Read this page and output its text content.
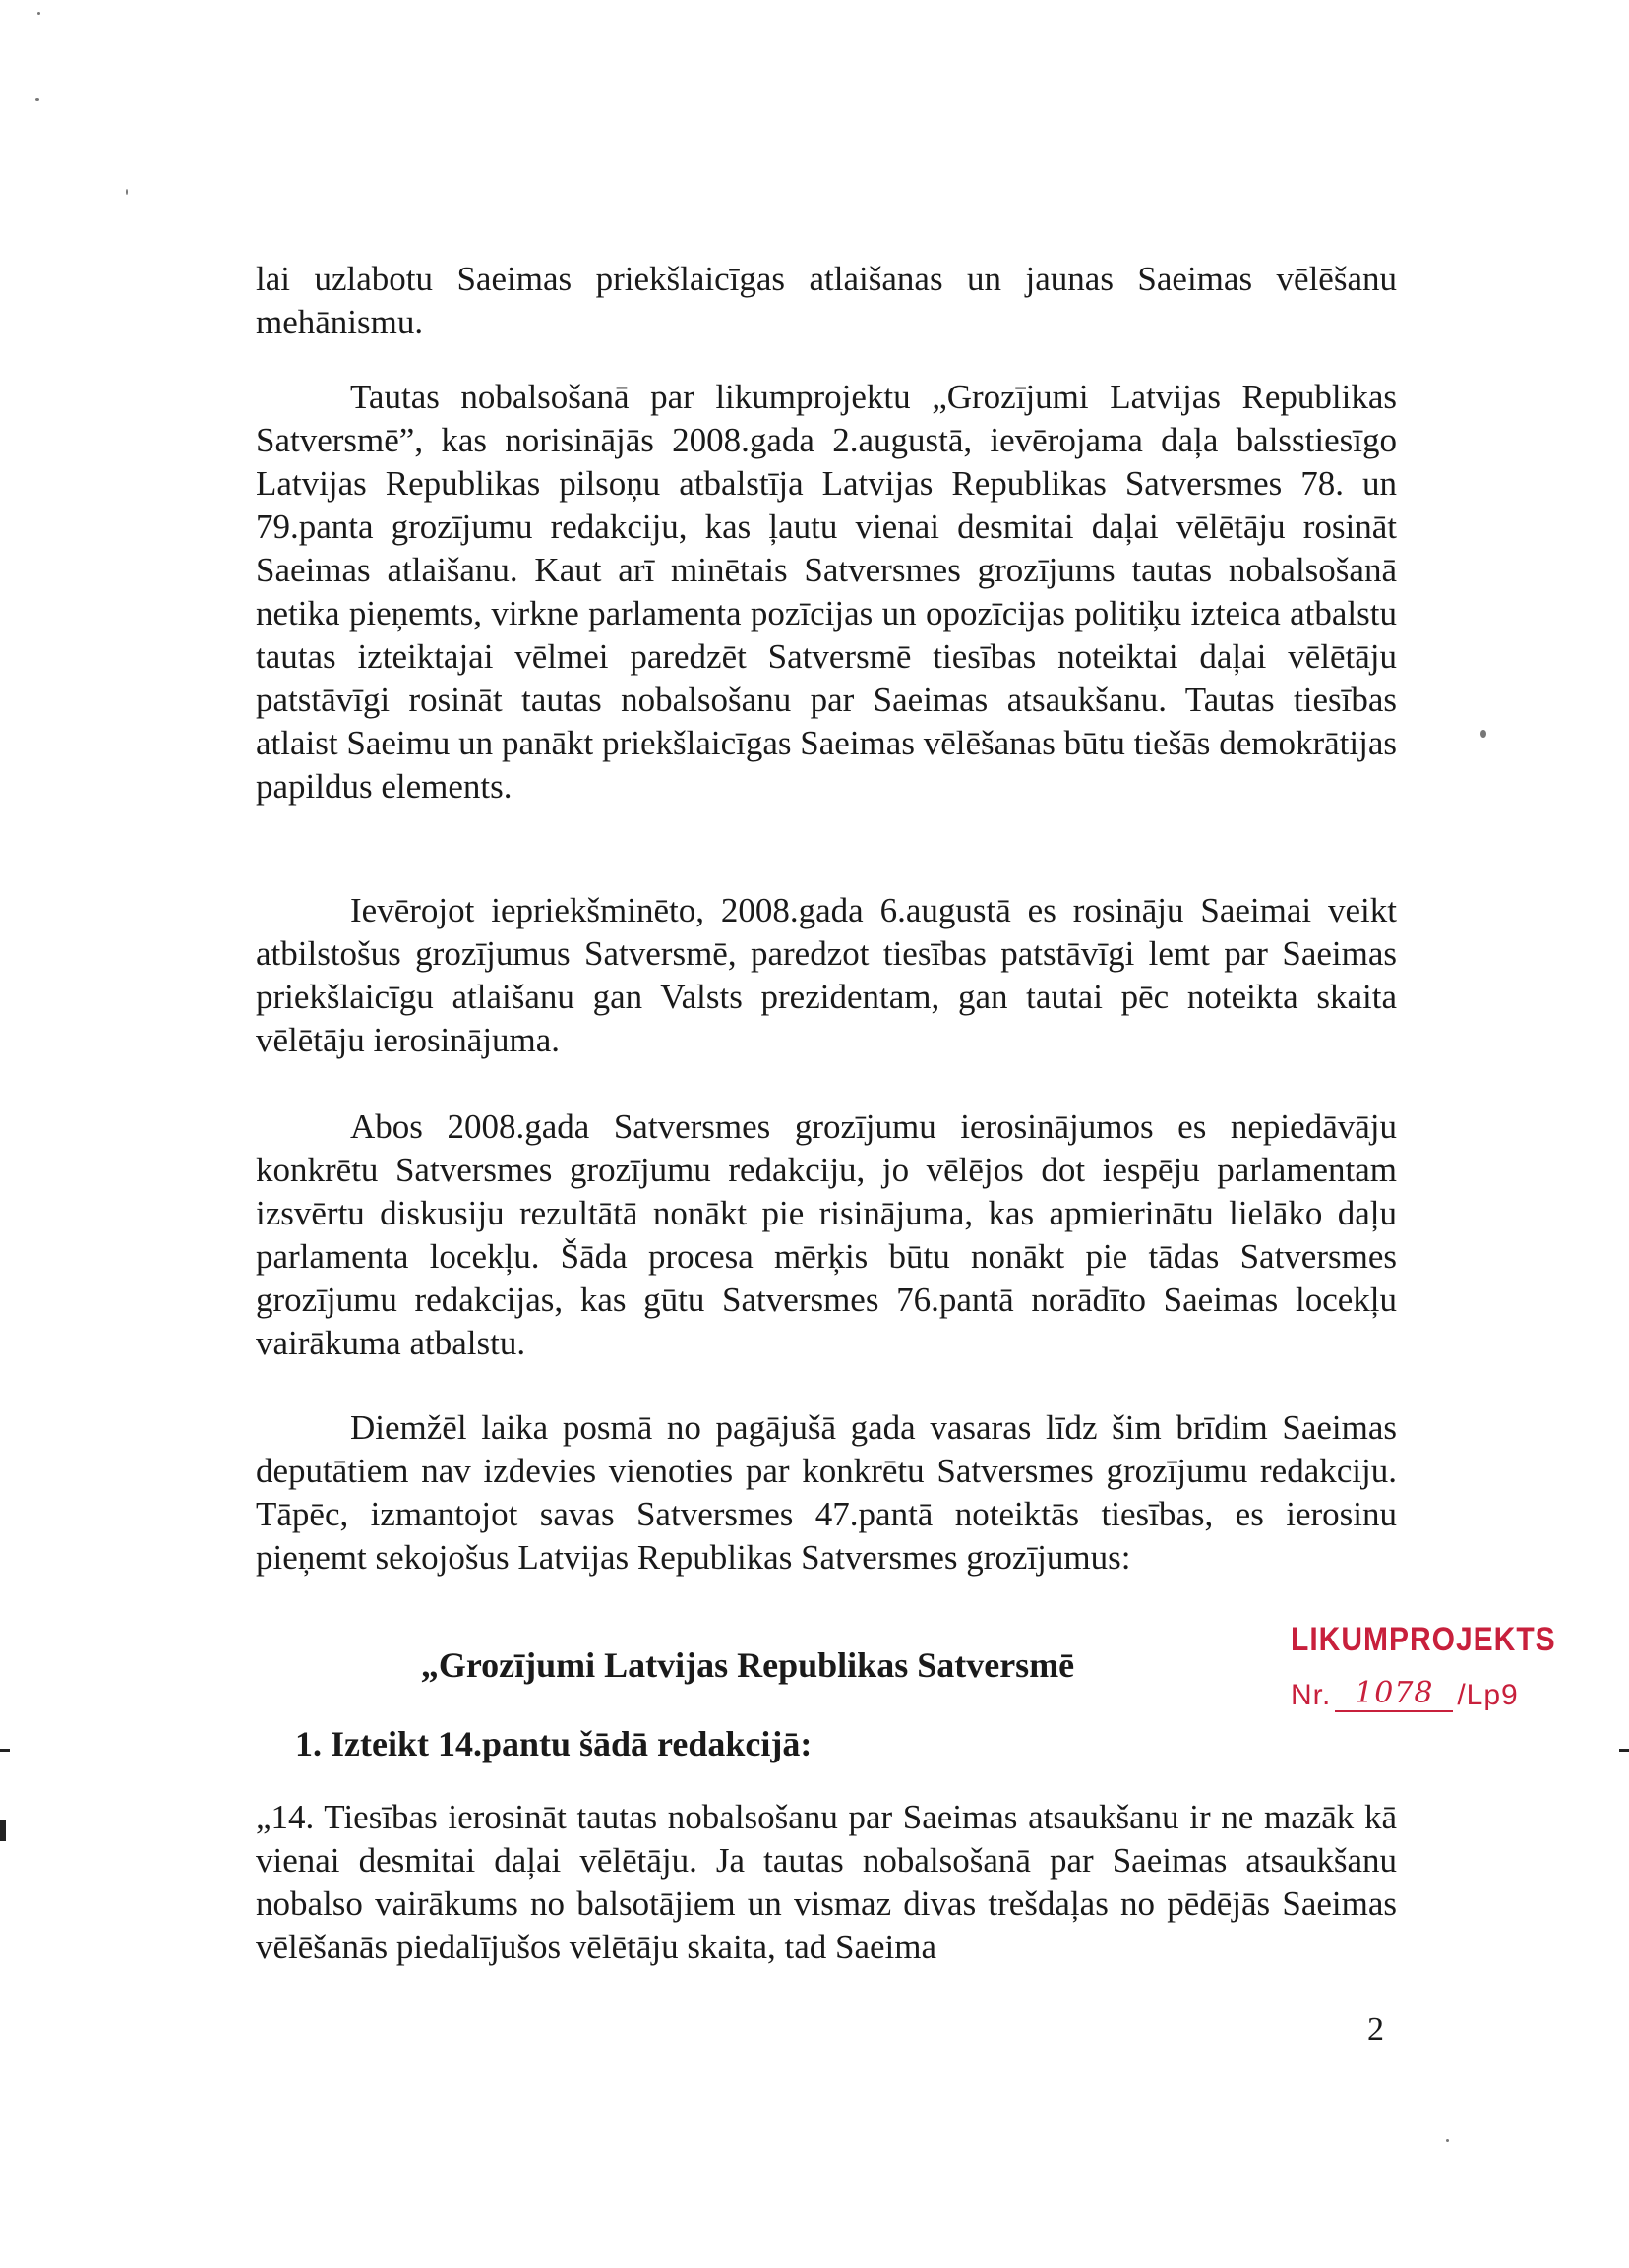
lai uzlabotu Saeimas priekšlaicīgas atlaišanas un jaunas Saeimas vēlēšanu mehānismu.
Tautas nobalsošanā par likumprojektu „Grozījumi Latvijas Republikas Satversmē”, kas norisinājās 2008.gada 2.augustā, ievērojama daļa balsstiesīgo Latvijas Republikas pilsoņu atbalstīja Latvijas Republikas Satversmes 78. un 79.panta grozījumu redakciju, kas ļautu vienai desmitai daļai vēlētāju rosināt Saeimas atlaišanu. Kaut arī minētais Satversmes grozījums tautas nobalsošanā netika pieņemts, virkne parlamenta pozīcijas un opozīcijas politiķu izteica atbalstu tautas izteiktajai vēlmei paredzēt Satversmē tiesības noteiktai daļai vēlētāju patstāvīgi rosināt tautas nobalsošanu par Saeimas atsaukšanu. Tautas tiesības atlaist Saeimu un panākt priekšlaicīgas Saeimas vēlēšanas būtu tiešās demokrātijas papildus elements.
Ievērojot iepriekšminēto, 2008.gada 6.augustā es rosināju Saeimai veikt atbilstošus grozījumus Satversmē, paredzot tiesības patstāvīgi lemt par Saeimas priekšlaicīgu atlaišanu gan Valsts prezidentam, gan tautai pēc noteikta skaita vēlētāju ierosinājuma.
Abos 2008.gada Satversmes grozījumu ierosinājumos es nepiedāvāju konkrētu Satversmes grozījumu redakciju, jo vēlējos dot iespēju parlamentam izsvērtu diskusiju rezultātā nonākt pie risinājuma, kas apmierinātu lielāko daļu parlamenta locekļu. Šāda procesa mērķis būtu nonākt pie tādas Satversmes grozījumu redakcijas, kas gūtu Satversmes 76.pantā norādīto Saeimas locekļu vairākuma atbalstu.
Diemžēl laika posmā no pagājušā gada vasaras līdz šim brīdim Saeimas deputātiem nav izdevies vienoties par konkrētu Satversmes grozījumu redakciju. Tāpēc, izmantojot savas Satversmes 47.pantā noteiktās tiesības, es ierosinu pieņemt sekojošus Latvijas Republikas Satversmes grozījumus:
„Grozījumi Latvijas Republikas Satversmē
LIKUMPROJEKTS
Nr. 1078 /Lp9
1. Izteikt 14.pantu šādā redakcijā:
„14. Tiesības ierosināt tautas nobalsošanu par Saeimas atsaukšanu ir ne mazāk kā vienai desmitai daļai vēlētāju. Ja tautas nobalsošanā par Saeimas atsaukšanu nobalso vairākums no balsotājiem un vismaz divas trešdaļas no pēdējās Saeimas vēlēšanās piedalījušos vēlētāju skaita, tad Saeima
2
